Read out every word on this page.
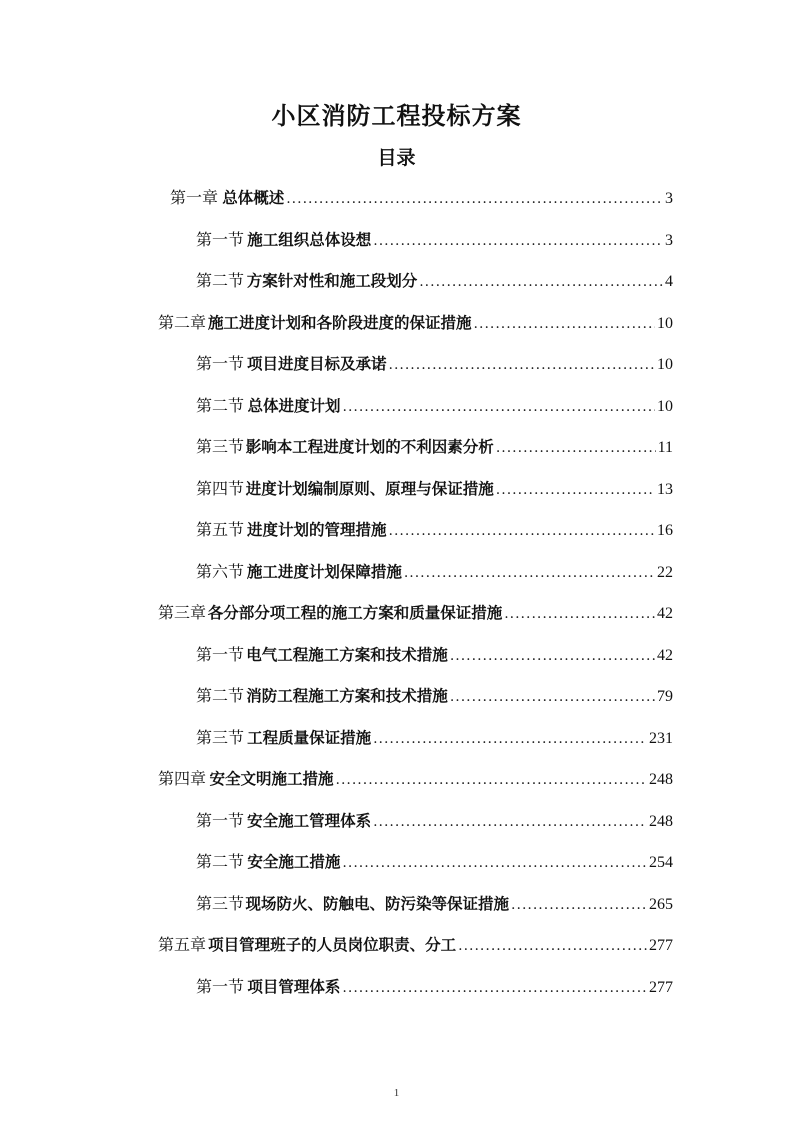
小区消防工程投标方案
目录
第一章 总体概述 .....	3
第一节 施工组织总体设想 .....	3
第二节 方案针对性和施工段划分 .....	4
第二章 施工进度计划和各阶段进度的保证措施 .....	10
第一节 项目进度目标及承诺 .....	10
第二节 总体进度计划 .....	10
第三节 影响本工程进度计划的不利因素分析 .....	11
第四节 进度计划编制原则、原理与保证措施 .....	13
第五节 进度计划的管理措施 .....	16
第六节 施工进度计划保障措施 .....	22
第三章 各分部分项工程的施工方案和质量保证措施 .....	42
第一节 电气工程施工方案和技术措施 .....	42
第二节 消防工程施工方案和技术措施 .....	79
第三节 工程质量保证措施 .....	231
第四章 安全文明施工措施 .....	248
第一节 安全施工管理体系 .....	248
第二节 安全施工措施 .....	254
第三节 现场防火、防触电、防污染等保证措施 .....	265
第五章 项目管理班子的人员岗位职责、分工 .....	277
第一节 项目管理体系 .....	277
1
